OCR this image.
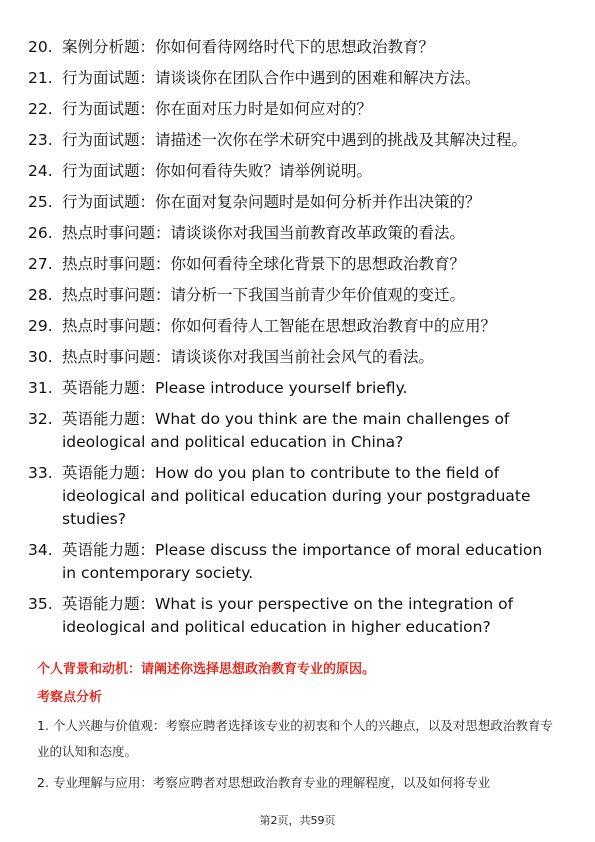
20. 案例分析题：你如何看待网络时代下的思想政治教育？
21. 行为面试题：请谈谈你在团队合作中遇到的困难和解决方法。
22. 行为面试题：你在面对压力时是如何应对的？
23. 行为面试题：请描述一次你在学术研究中遇到的挑战及其解决过程。
24. 行为面试题：你如何看待失败？请举例说明。
25. 行为面试题：你在面对复杂问题时是如何分析并作出决策的？
26. 热点时事问题：请谈谈你对我国当前教育改革政策的看法。
27. 热点时事问题：你如何看待全球化背景下的思想政治教育？
28. 热点时事问题：请分析一下我国当前青少年价值观的变迁。
29. 热点时事问题：你如何看待人工智能在思想政治教育中的应用？
30. 热点时事问题：请谈谈你对我国当前社会风气的看法。
31. 英语能力题：Please introduce yourself briefly.
32. 英语能力题：What do you think are the main challenges of ideological and political education in China?
33. 英语能力题：How do you plan to contribute to the field of ideological and political education during your postgraduate studies?
34. 英语能力题：Please discuss the importance of moral education in contemporary society.
35. 英语能力题：What is your perspective on the integration of ideological and political education in higher education?
个人背景和动机：请阐述你选择思想政治教育专业的原因。
考察点分析
1. 个人兴趣与价值观：考察应聘者选择该专业的初衷和个人的兴趣点，以及对思想政治教育专业的认知和态度。
2. 专业理解与应用：考察应聘者对思想政治教育专业的理解程度，以及如何将专业
第2页，共59页
